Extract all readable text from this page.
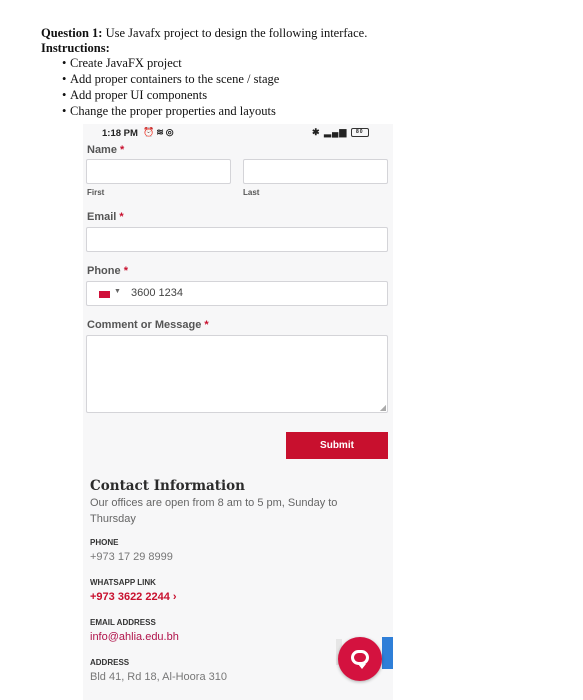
Question 1: Use Javafx project to design the following interface.
Instructions:
• Create JavaFX project
• Add proper containers to the scene / stage
• Add proper UI components
• Change the proper properties and layouts
1:18 PM ⏰≋◎	✱ ▂▄▆ 80
Name *
First	Last
Email *
Phone *
▼ 3600 1234
Comment or Message *
◢
Submit
Contact Information
Our offices are open from 8 am to 5 pm, Sunday to Thursday
PHONE
+973 17 29 8999
WHATSAPP LINK
+973 3622 2244 ›
EMAIL ADDRESS
info@ahlia.edu.bh
ADDRESS
Bld 41, Rd 18, Al-Hoora 310
